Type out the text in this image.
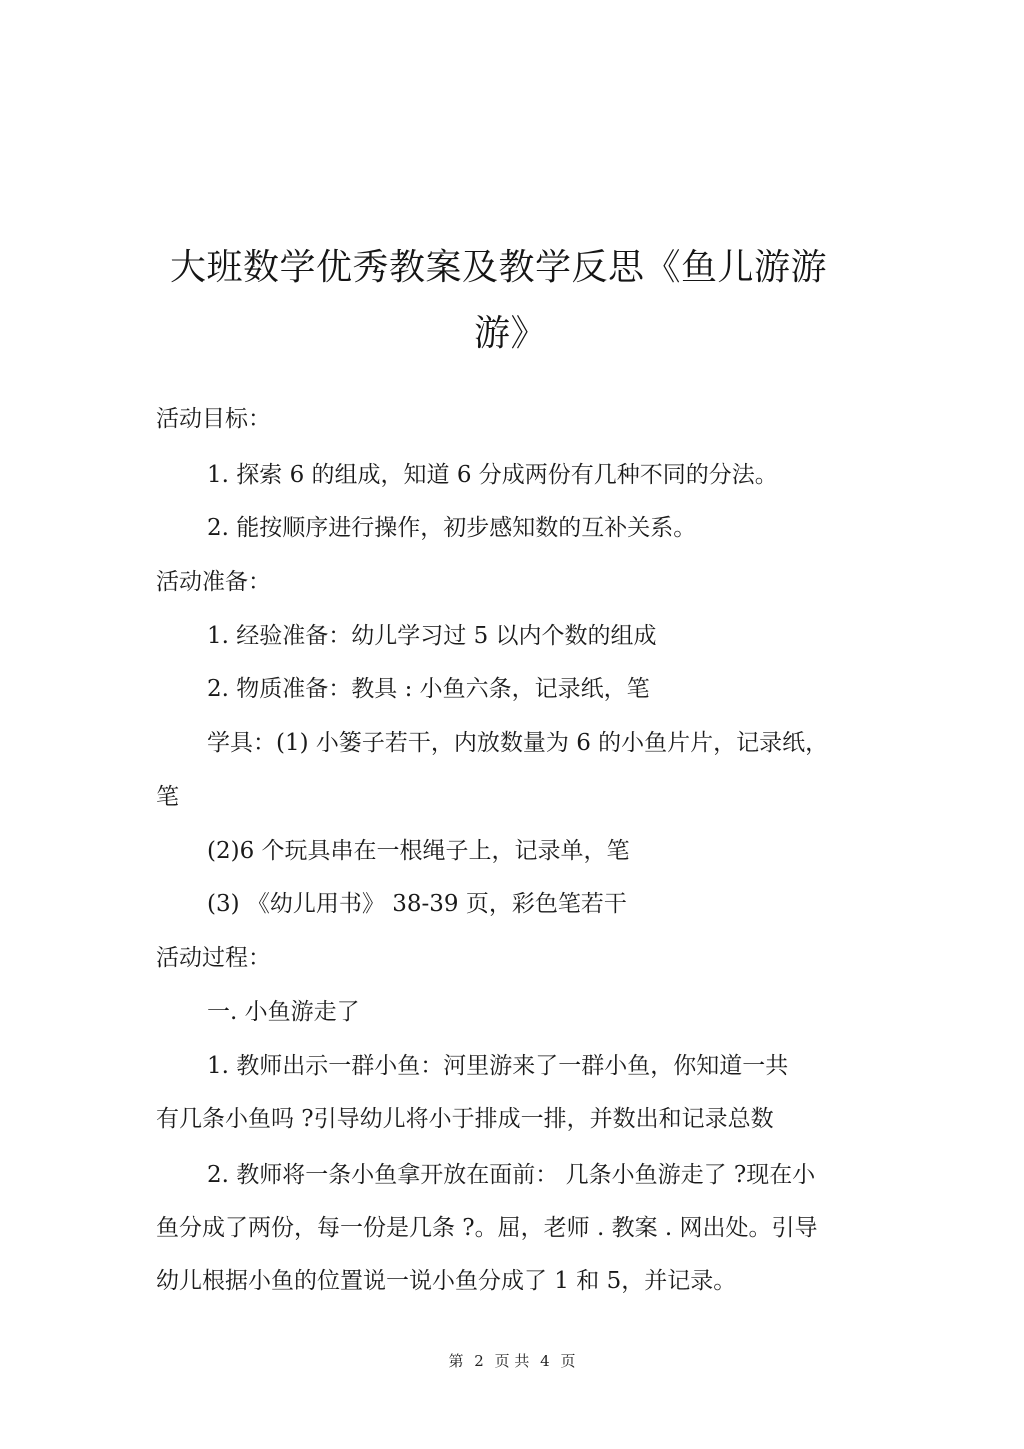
大班数学优秀教案及教学反思《鱼儿游游
游》
活动目标：
1. 探索 6 的组成，知道 6 分成两份有几种不同的分法。
2. 能按顺序进行操作，初步感知数的互补关系。
活动准备：
1. 经验准备：幼儿学习过 5 以内个数的组成
2. 物质准备：教具 : 小鱼六条，记录纸，笔
学具：(1) 小篓子若干，内放数量为 6 的小鱼片片，记录纸，
笔
(2)6 个玩具串在一根绳子上，记录单，笔
(3) 《幼儿用书》 38-39 页，彩色笔若干
活动过程：
一. 小鱼游走了
1. 教师出示一群小鱼：河里游来了一群小鱼，你知道一共
有几条小鱼吗 ?引导幼儿将小于排成一排，并数出和记录总数
2. 教师将一条小鱼拿开放在面前： 几条小鱼游走了 ?现在小
鱼分成了两份，每一份是几条 ?。屈，老师 . 教案 . 网出处。引导
幼儿根据小鱼的位置说一说小鱼分成了 1 和 5，并记录。
第 2 页 共 4 页
